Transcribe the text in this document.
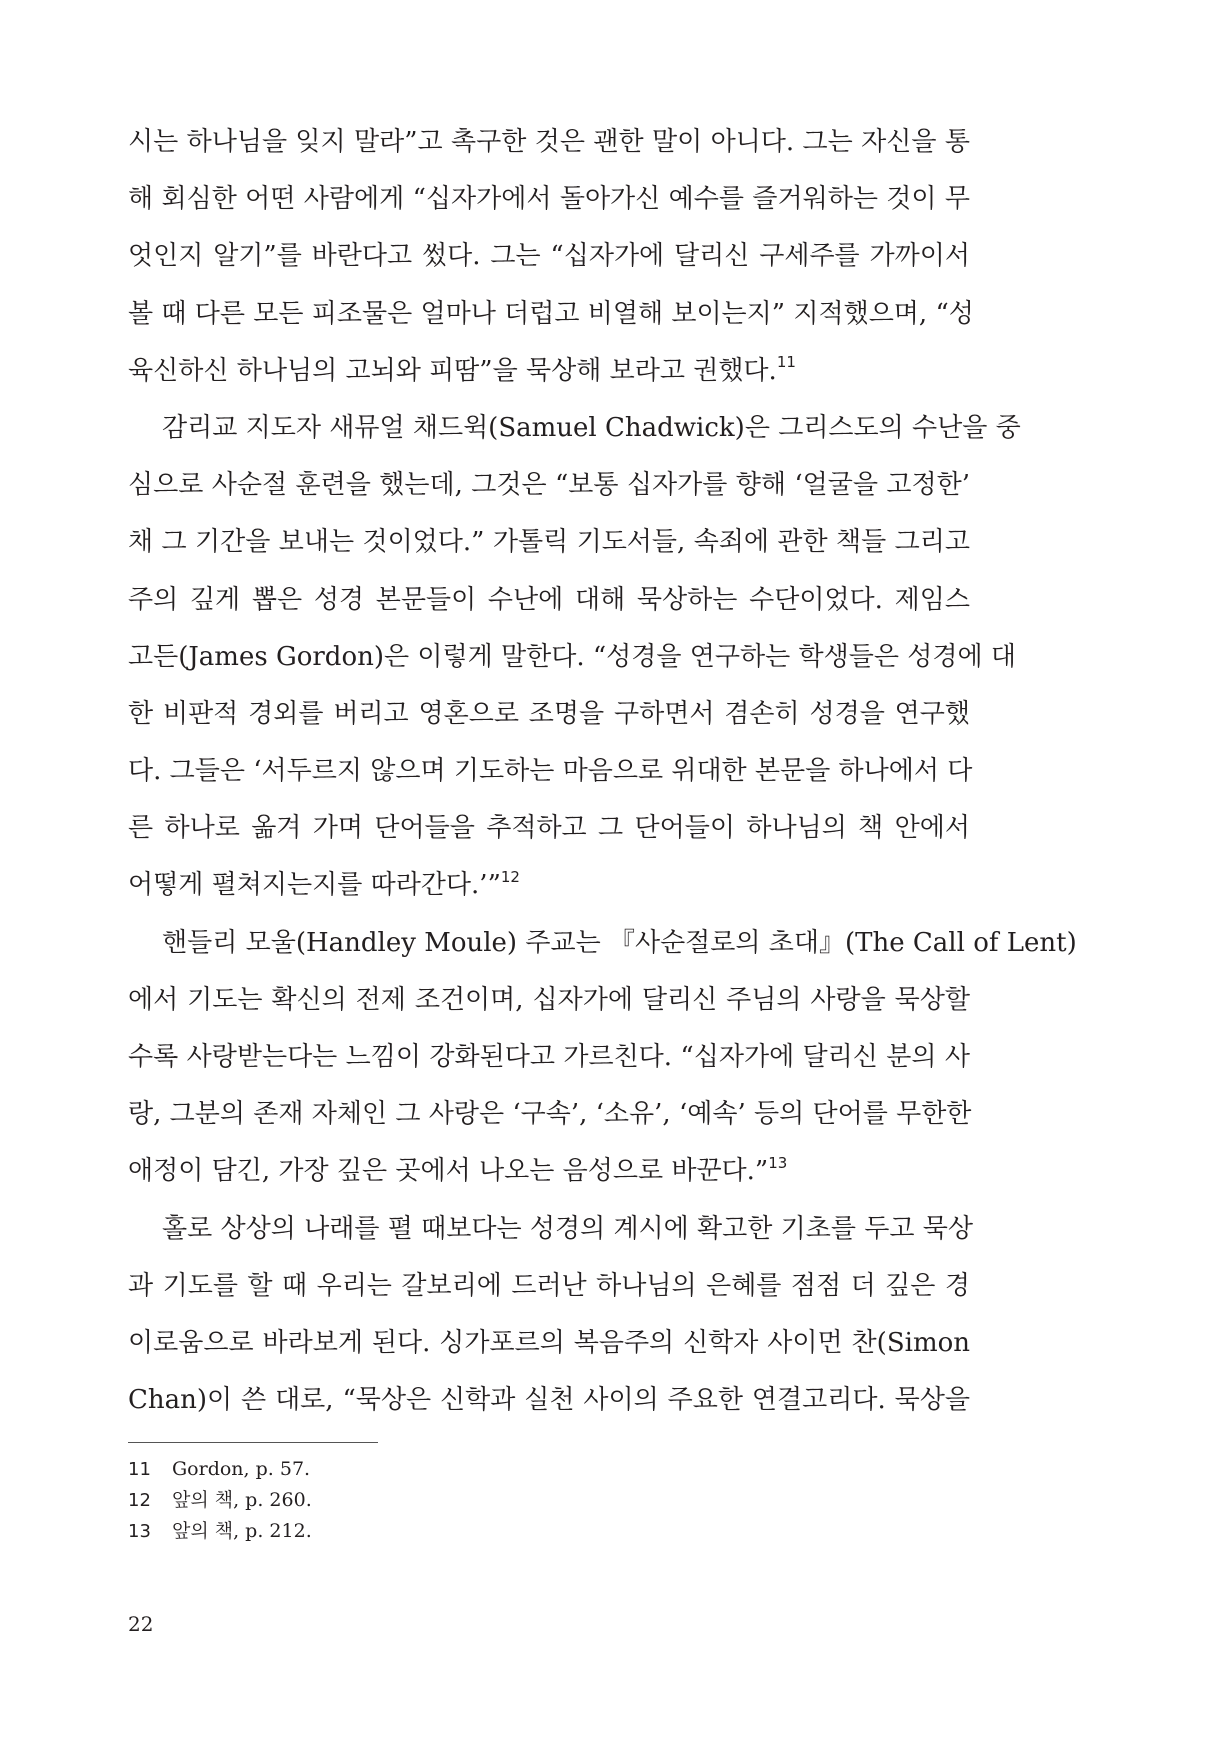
시는 하나님을 잊지 말라”고 촉구한 것은 괜한 말이 아니다. 그는 자신을 통
해 회심한 어떤 사람에게 “십자가에서 돌아가신 예수를 즐거워하는 것이 무
엇인지 알기”를 바란다고 썼다. 그는 “십자가에 달리신 구세주를 가까이서
볼 때 다른 모든 피조물은 얼마나 더럽고 비열해 보이는지” 지적했으며, “성
육신하신 하나님의 고뇌와 피땀”을 묵상해 보라고 권했다.$^{11}$
감리교 지도자 새뮤얼 채드윅(Samuel Chadwick)은 그리스도의 수난을 중
심으로 사순절 훈련을 했는데, 그것은 “보통 십자가를 향해 ‘얼굴을 고정한’
채 그 기간을 보내는 것이었다.” 가톨릭 기도서들, 속죄에 관한 책들 그리고
주의 깊게 뽑은 성경 본문들이 수난에 대해 묵상하는 수단이었다. 제임스
고든(James Gordon)은 이렇게 말한다. “성경을 연구하는 학생들은 성경에 대
한 비판적 경외를 버리고 영혼으로 조명을 구하면서 겸손히 성경을 연구했
다. 그들은 ‘서두르지 않으며 기도하는 마음으로 위대한 본문을 하나에서 다
른 하나로 옮겨 가며 단어들을 추적하고 그 단어들이 하나님의 책 안에서
어떻게 펼쳐지는지를 따라간다.’”$^{12}$
핸들리 모울(Handley Moule) 주교는 『사순절로의 초대』(The Call of Lent)
에서 기도는 확신의 전제 조건이며, 십자가에 달리신 주님의 사랑을 묵상할
수록 사랑받는다는 느낌이 강화된다고 가르친다. “십자가에 달리신 분의 사
랑, 그분의 존재 자체인 그 사랑은 ‘구속’, ‘소유’, ‘예속’ 등의 단어를 무한한
애정이 담긴, 가장 깊은 곳에서 나오는 음성으로 바꾼다.”$^{13}$
홀로 상상의 나래를 펼 때보다는 성경의 계시에 확고한 기초를 두고 묵상
과 기도를 할 때 우리는 갈보리에 드러난 하나님의 은혜를 점점 더 깊은 경
이로움으로 바라보게 된다. 싱가포르의 복음주의 신학자 사이먼 찬(Simon
Chan)이 쓴 대로, “묵상은 신학과 실천 사이의 주요한 연결고리다. 묵상을
11 Gordon, p. 57.
12 앞의 책, p. 260.
13 앞의 책, p. 212.
22
